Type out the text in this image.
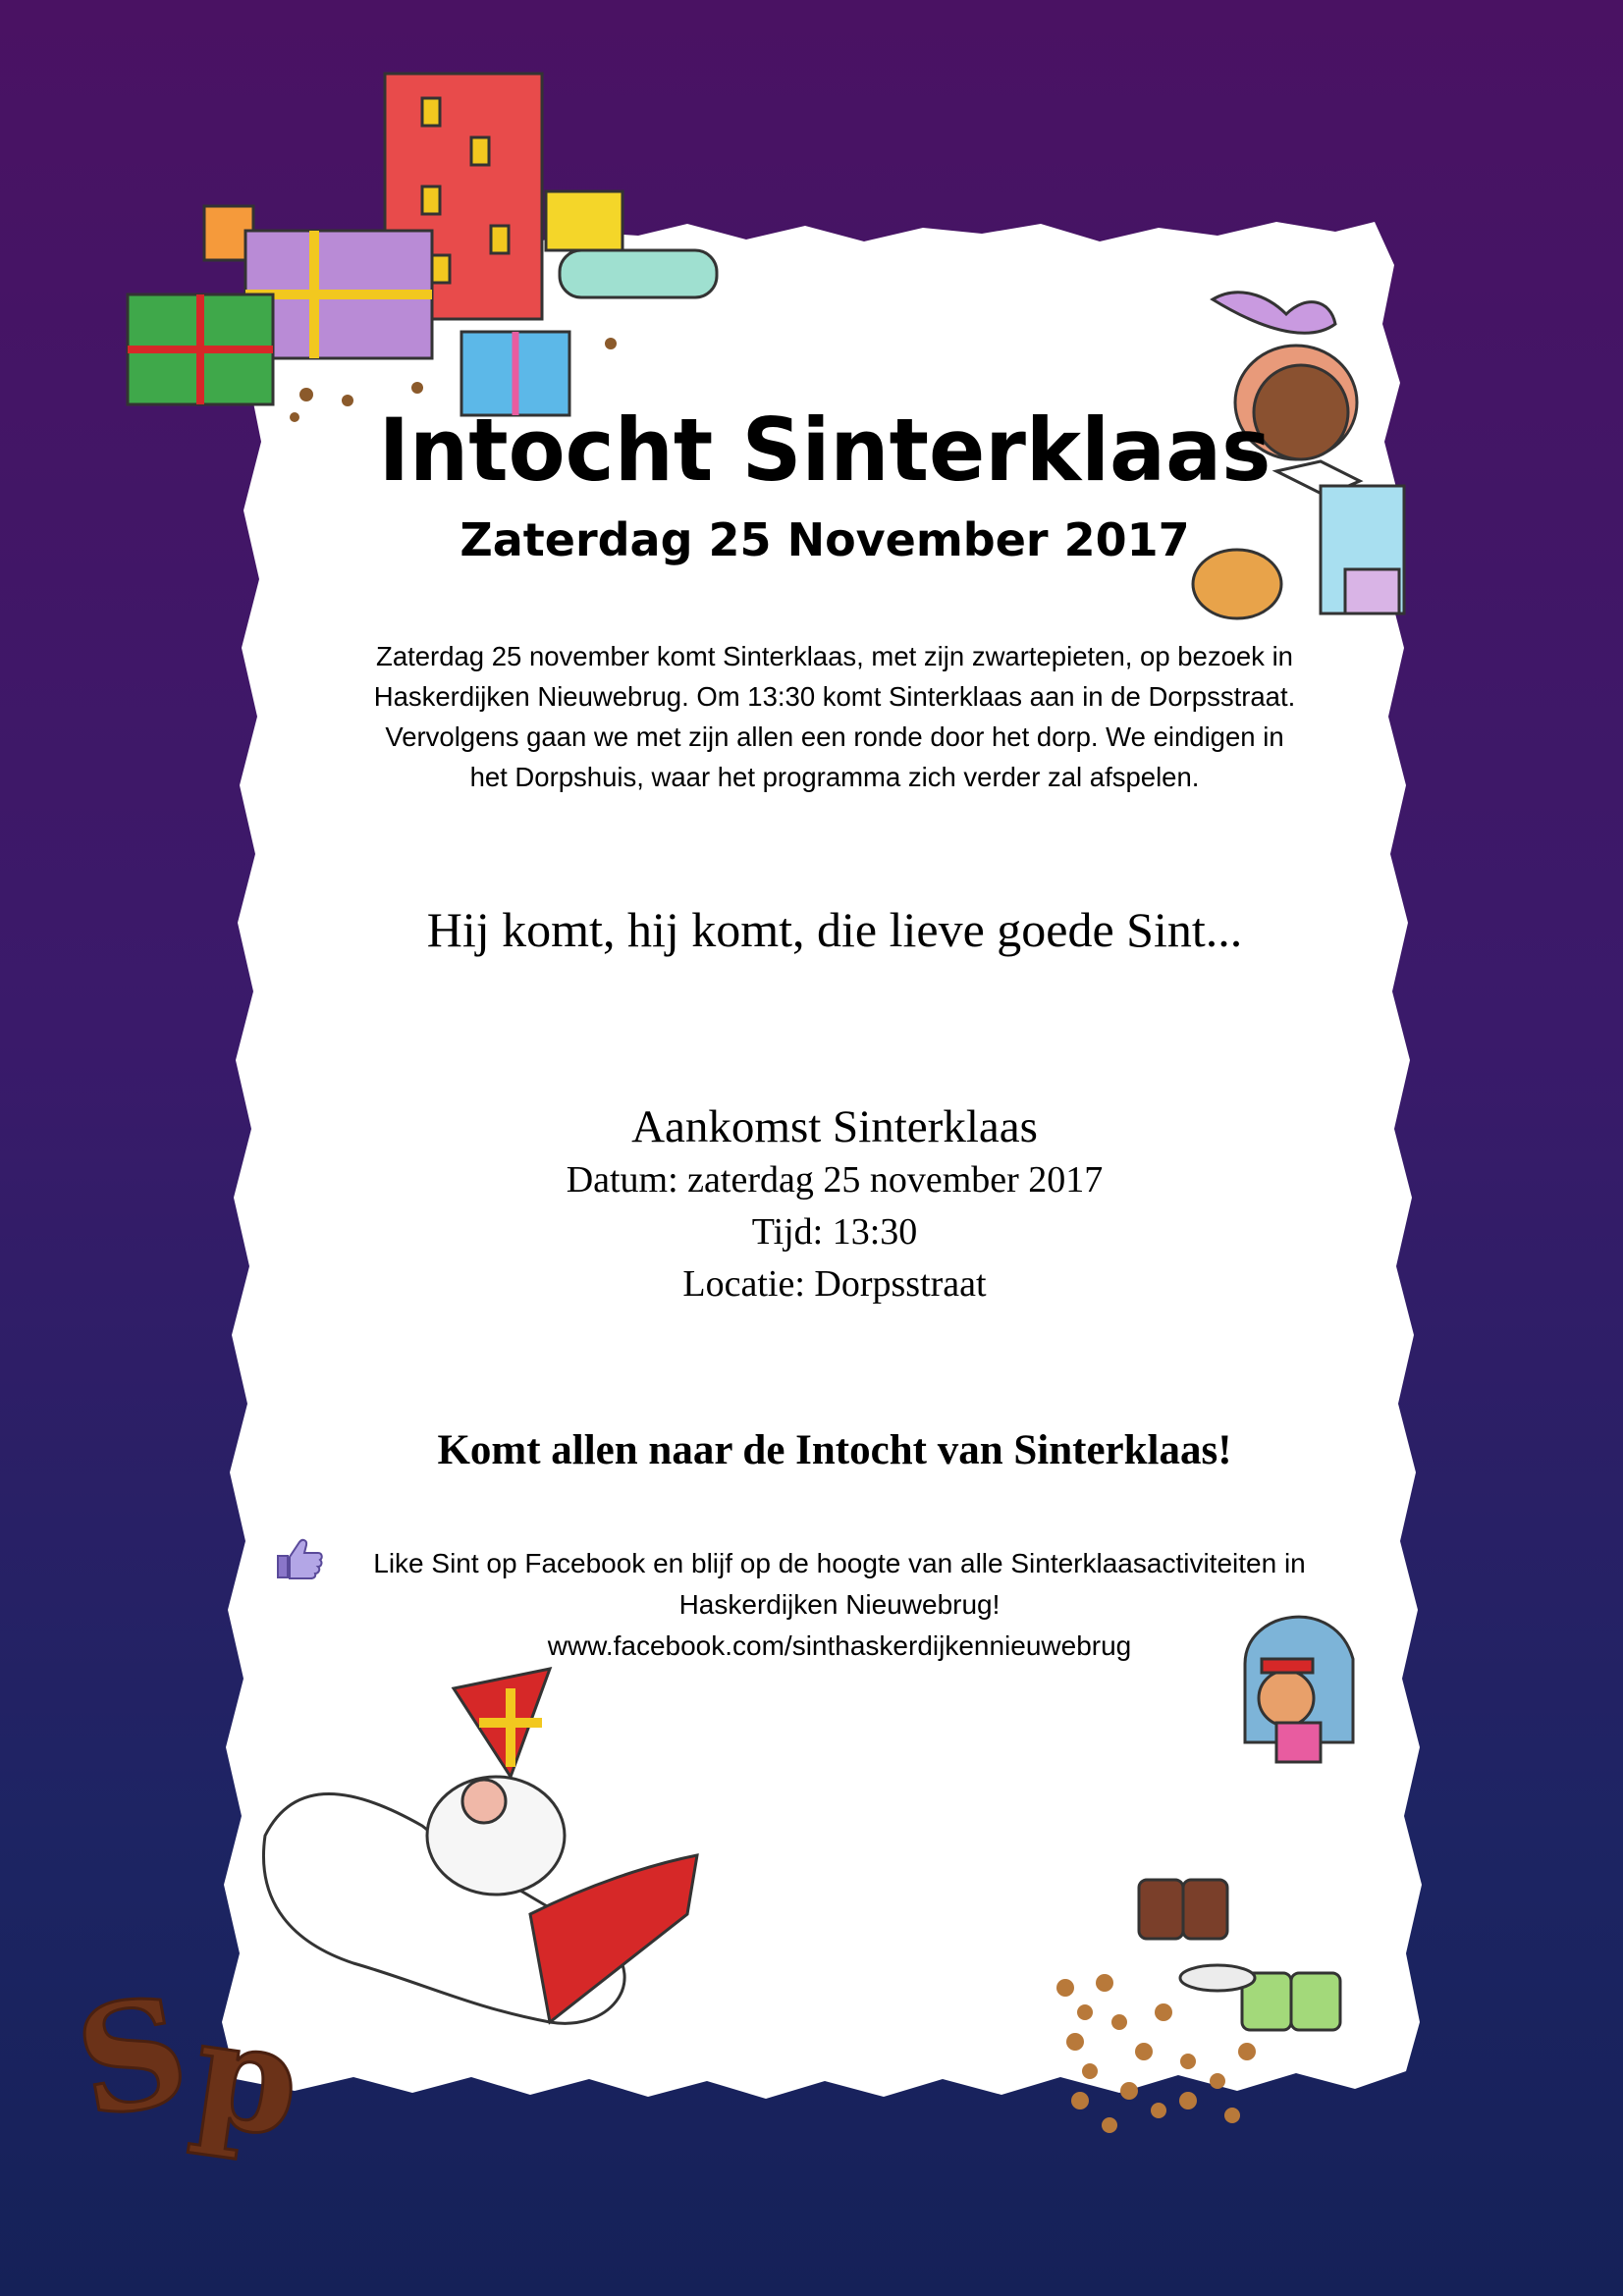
S
p
Intocht Sinterklaas
Zaterdag 25 November 2017
Zaterdag 25 november komt Sinterklaas, met zijn zwartepieten, op bezoek in
Haskerdijken Nieuwebrug. Om 13:30 komt Sinterklaas aan in de Dorpsstraat.
Vervolgens gaan we met zijn allen een ronde door het dorp. We eindigen in
het Dorpshuis, waar het programma zich verder zal afspelen.
Hij komt, hij komt, die lieve goede Sint...
Aankomst Sinterklaas
Datum: zaterdag 25 november 2017
Tijd: 13:30
Locatie: Dorpsstraat
Komt allen naar de Intocht van Sinterklaas!
Like Sint op Facebook en blijf op de hoogte van alle Sinterklaasactiviteiten in
Haskerdijken Nieuwebrug!
www.facebook.com/sinthaskerdijkennieuwebrug
